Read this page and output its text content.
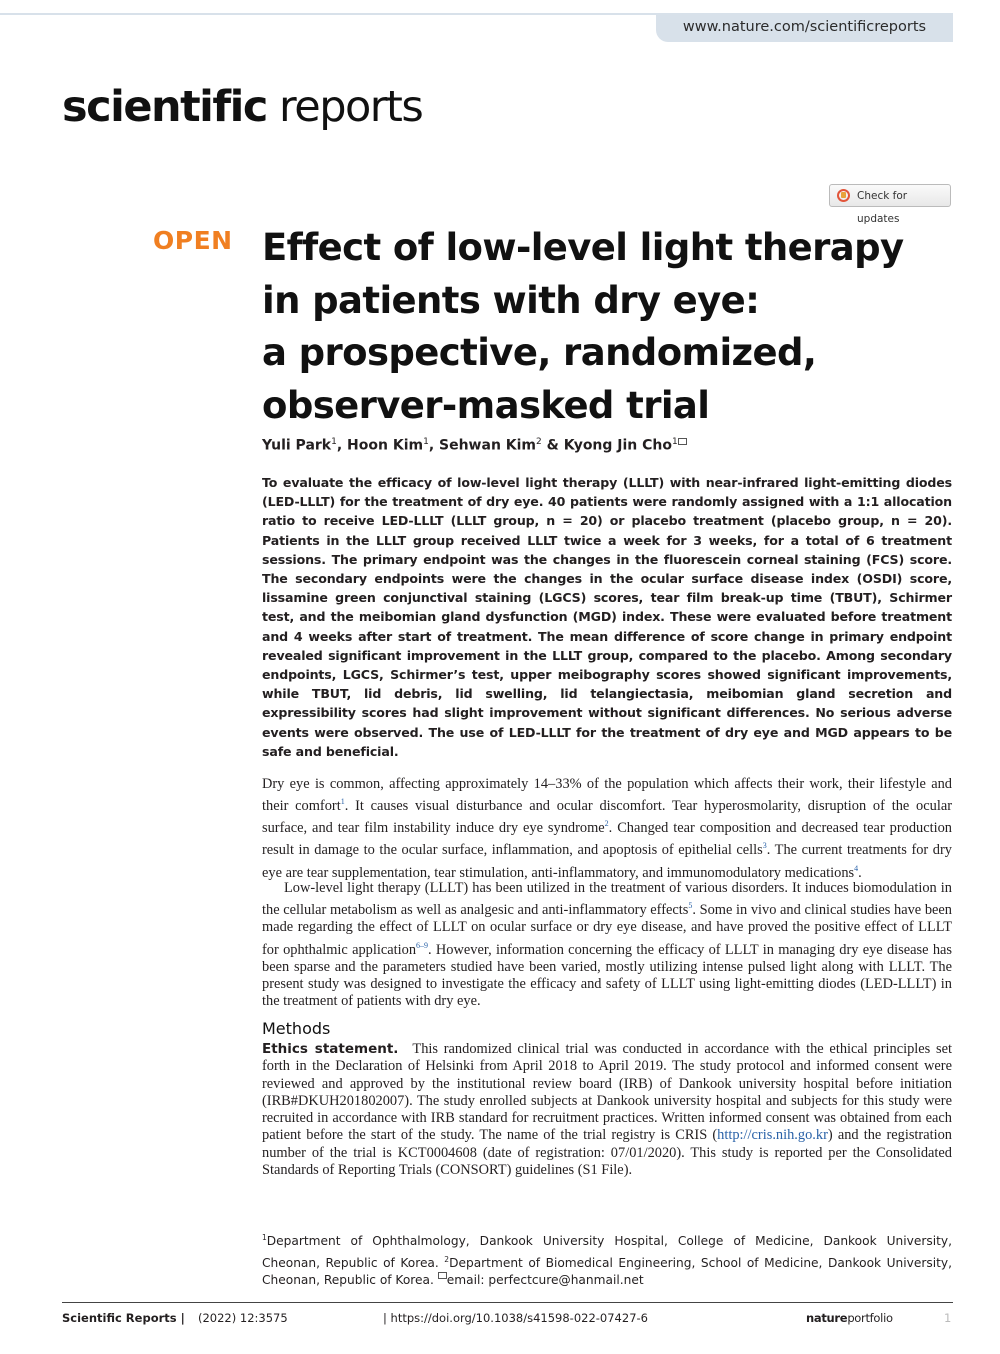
www.nature.com/scientificreports
scientific reports
Check for updates
OPEN Effect of low-level light therapy
in patients with dry eye:
a prospective, randomized,
observer-masked trial
Yuli Park$^1$, Hoon Kim$^1$, Sehwan Kim$^2$ & Kyong Jin Cho$^1$
To evaluate the efficacy of low-level light therapy (LLLT) with near-infrared light-emitting diodes (LED-LLLT) for the treatment of dry eye. 40 patients were randomly assigned with a 1:1 allocation ratio to receive LED-LLLT (LLLT group, n = 20) or placebo treatment (placebo group, n = 20). Patients in the LLLT group received LLLT twice a week for 3 weeks, for a total of 6 treatment sessions. The primary endpoint was the changes in the fluorescein corneal staining (FCS) score. The secondary endpoints were the changes in the ocular surface disease index (OSDI) score, lissamine green conjunctival staining (LGCS) scores, tear film break-up time (TBUT), Schirmer test, and the meibomian gland dysfunction (MGD) index. These were evaluated before treatment and 4 weeks after start of treatment. The mean difference of score change in primary endpoint revealed significant improvement in the LLLT group, compared to the placebo. Among secondary endpoints, LGCS, Schirmer’s test, upper meibography scores showed significant improvements, while TBUT, lid debris, lid swelling, lid telangiectasia, meibomian gland secretion and expressibility scores had slight improvement without significant differences. No serious adverse events were observed. The use of LED-LLLT for the treatment of dry eye and MGD appears to be safe and beneficial.
Dry eye is common, affecting approximately 14–33% of the population which affects their work, their lifestyle and their comfort$^1$. It causes visual disturbance and ocular discomfort. Tear hyperosmolarity, disruption of the ocular surface, and tear film instability induce dry eye syndrome$^2$. Changed tear composition and decreased tear production result in damage to the ocular surface, inflammation, and apoptosis of epithelial cells$^3$. The current treatments for dry eye are tear supplementation, tear stimulation, anti-inflammatory, and immunomodulatory medications$^4$.
Low-level light therapy (LLLT) has been utilized in the treatment of various disorders. It induces biomodulation in the cellular metabolism as well as analgesic and anti-inflammatory effects$^5$. Some in vivo and clinical studies have been made regarding the effect of LLLT on ocular surface or dry eye disease, and have proved the positive effect of LLLT for ophthalmic application$^{6-9}$. However, information concerning the efficacy of LLLT in managing dry eye disease has been sparse and the parameters studied have been varied, mostly utilizing intense pulsed light along with LLLT. The present study was designed to investigate the efficacy and safety of LLLT using light-emitting diodes (LED-LLLT) in the treatment of patients with dry eye.
Methods
Ethics statement. This randomized clinical trial was conducted in accordance with the ethical principles set forth in the Declaration of Helsinki from April 2018 to April 2019. The study protocol and informed consent were reviewed and approved by the institutional review board (IRB) of Dankook university hospital before initiation (IRB#DKUH201802007). The study enrolled subjects at Dankook university hospital and subjects for this study were recruited in accordance with IRB standard for recruitment practices. Written informed consent was obtained from each patient before the start of the study. The name of the trial registry is CRIS (http://cris.nih.go.kr) and the registration number of the trial is KCT0004608 (date of registration: 07/01/2020). This study is reported per the Consolidated Standards of Reporting Trials (CONSORT) guidelines (S1 File).
$^1$Department of Ophthalmology, Dankook University Hospital, College of Medicine, Dankook University, Cheonan, Republic of Korea. $^2$Department of Biomedical Engineering, School of Medicine, Dankook University, Cheonan, Republic of Korea. email: perfectcure@hanmail.net
Scientific Reports | (2022) 12:3575	| https://doi.org/10.1038/s41598-022-07427-6	natureportfolio	1
